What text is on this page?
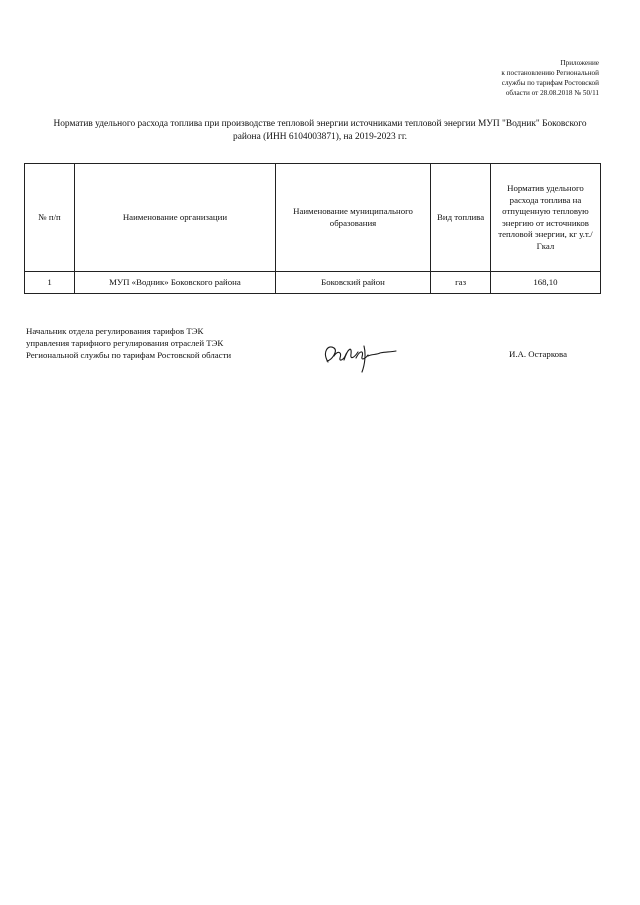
Приложение
к постановлению Региональной
службы по тарифам Ростовской
области от 28.08.2018 № 50/11
Норматив удельного расхода топлива при производстве тепловой энергии источниками тепловой энергии МУП "Водник" Боковского
района (ИНН 6104003871), на 2019-2023 гг.
№ п/п	Наименование организации	Наименование муниципального образования	Вид топлива	Норматив удельного расхода топлива на отпущенную тепловую энергию от источников тепловой энергии, кг у.т./Гкал
1	МУП «Водник» Боковского района	Боковский район	газ	168,10
Начальник отдела регулирования тарифов ТЭК
управления тарифного регулирования отраслей ТЭК
Региональной службы по тарифам Ростовской области	И.А. Остаркова
